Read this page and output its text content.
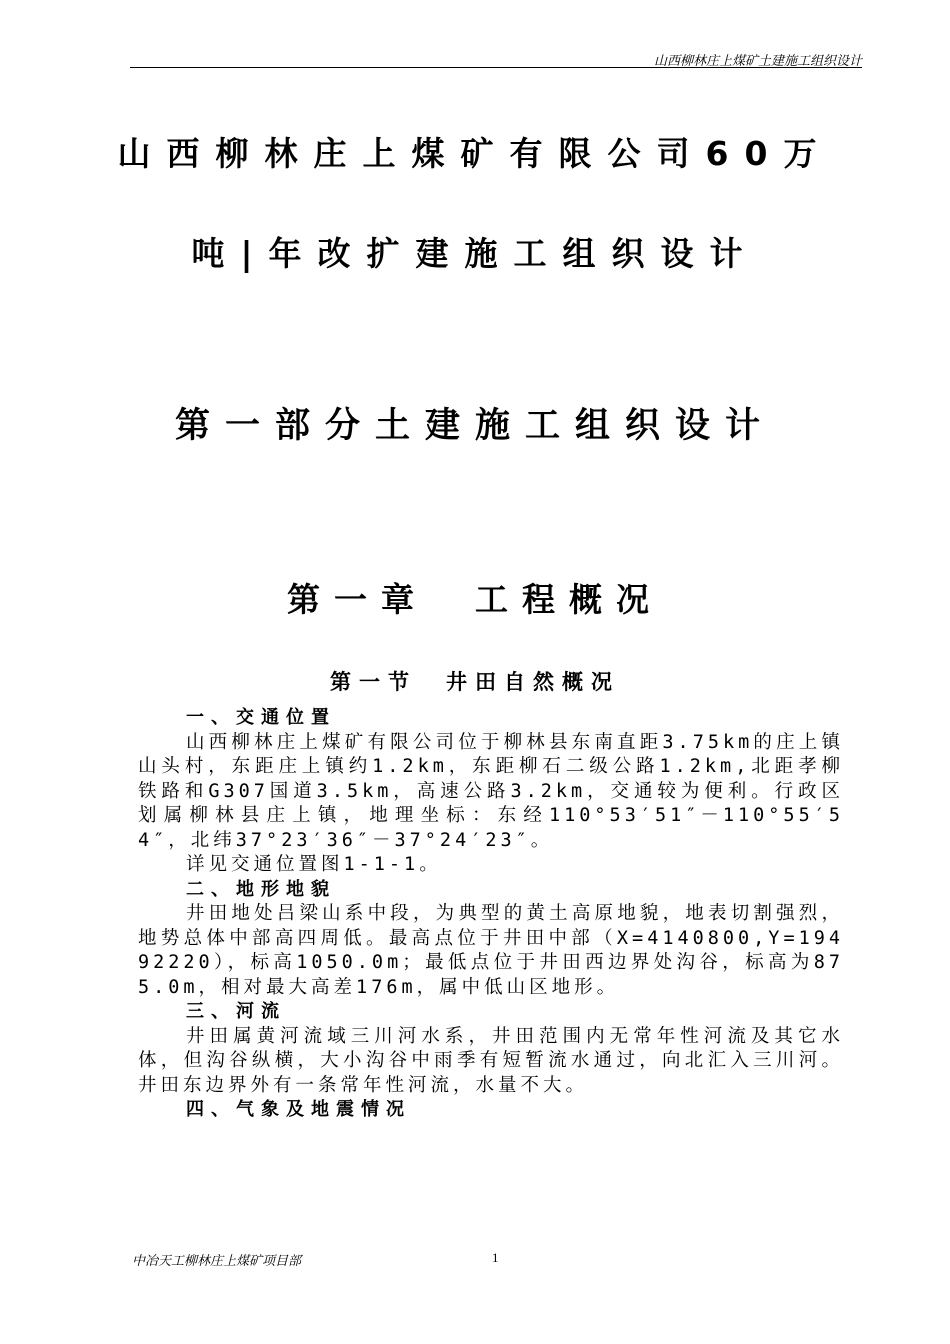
山西柳林庄上煤矿土建施工组织设计
山西柳林庄上煤矿有限公司60万
吨|年改扩建施工组织设计
第一部分土建施工组织设计
第一章　工程概况
第一节　井田自然概况
一、交通位置
山西柳林庄上煤矿有限公司位于柳林县东南直距3.75km的庄上镇山头村，东距庄上镇约1.2km，东距柳石二级公路1.2km,北距孝柳铁路和G307国道3.5km，高速公路3.2km，交通较为便利。行政区划属柳林县庄上镇，地理坐标：东经110°53′51″－110°55′54″，北纬37°23′36″－37°24′23″。
详见交通位置图1-1-1。
二、地形地貌
井田地处吕梁山系中段，为典型的黄土高原地貌，地表切割强烈，地势总体中部高四周低。最高点位于井田中部（X=4140800,Y=19492220），标高1050.0m；最低点位于井田西边界处沟谷，标高为875.0m，相对最大高差176m，属中低山区地形。
三、河流
井田属黄河流域三川河水系，井田范围内无常年性河流及其它水体，但沟谷纵横，大小沟谷中雨季有短暂流水通过，向北汇入三川河。井田东边界外有一条常年性河流，水量不大。
四、气象及地震情况
中冶天工柳林庄上煤矿项目部	1
